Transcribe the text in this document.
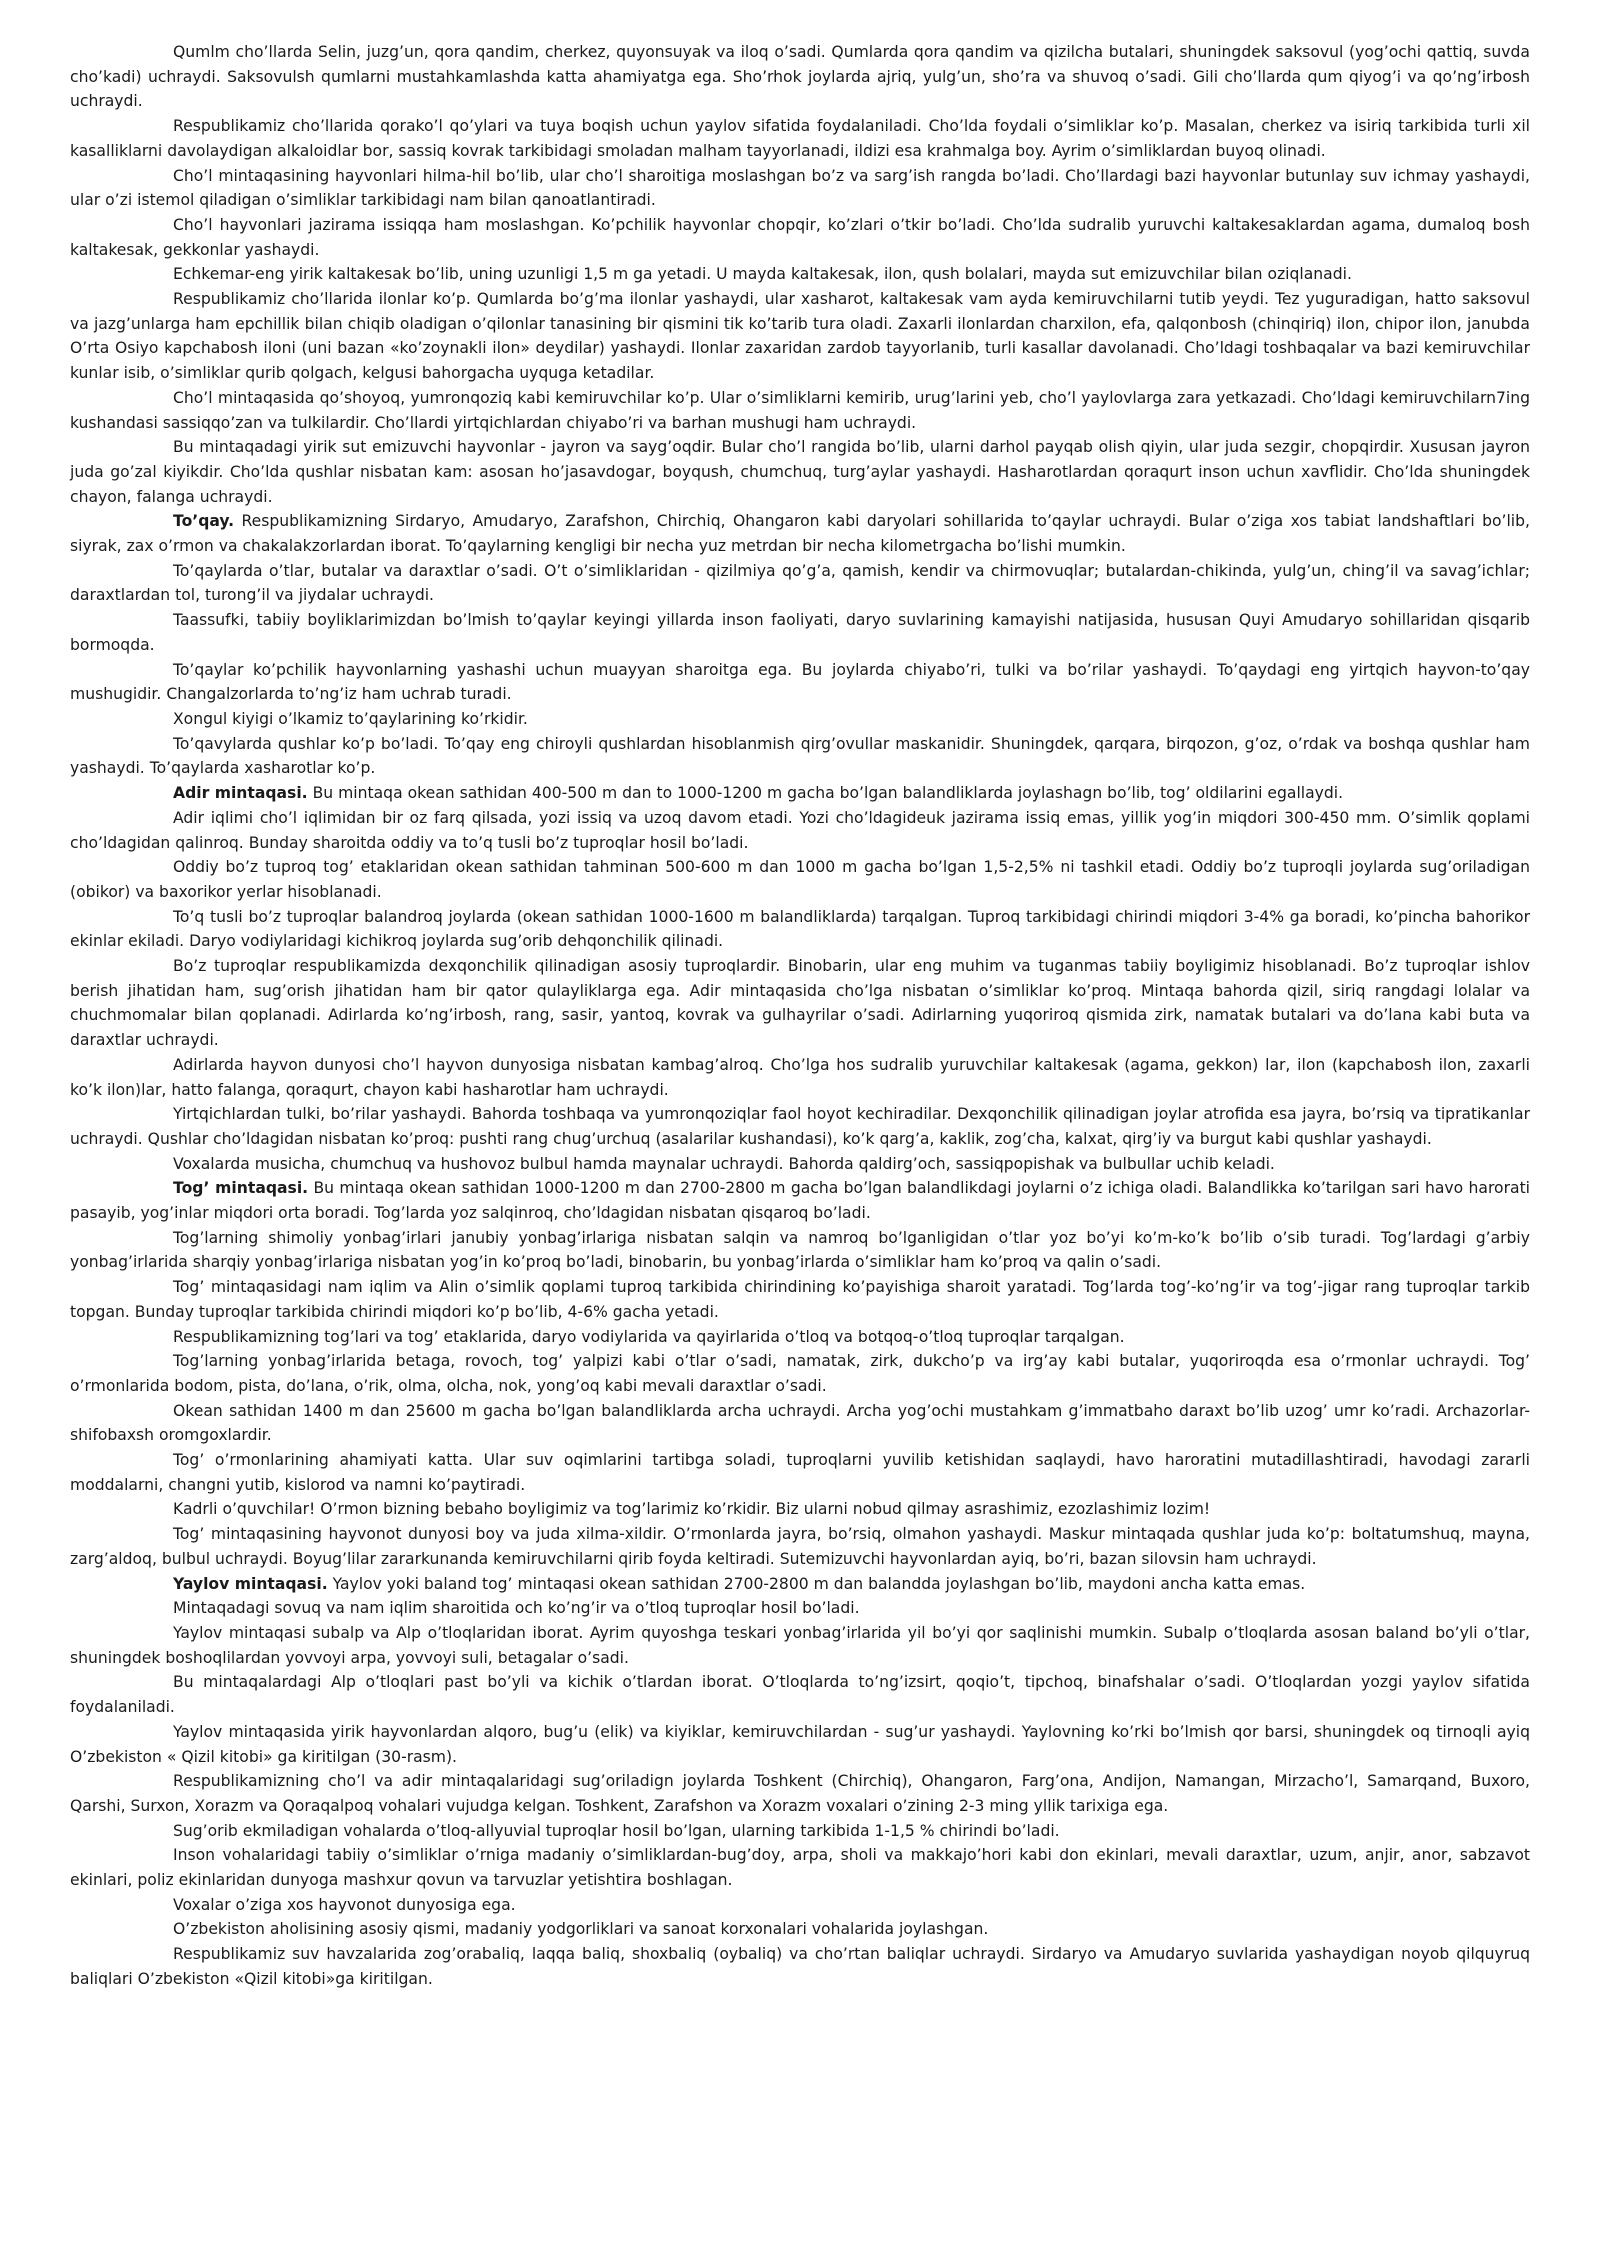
Qumlm cho’llarda Selin, juzg’un, qora qandim, cherkez, quyonsuyak va iloq o’sadi. Qumlarda qora qandim va qizilcha butalari, shuningdek saksovul (yog’ochi qattiq, suvda cho’kadi) uchraydi. Saksovulsh qumlarni mustahkamlashda katta ahamiyatga ega. Sho’rhok joylarda ajriq, yulg’un, sho’ra va shuvoq o’sadi. Gili cho’llarda qum qiyog’i va qo’ng’irbosh uchraydi.

Respublikamiz cho’llarida qorako’l qo’ylari va tuya boqish uchun yaylov sifatida foydalaniladi. Cho’lda foydali o’simliklar ko’p. Masalan, cherkez va isiriq tarkibida turli xil kasalliklarni davolaydigan alkaloidlar bor, sassiq kovrak tarkibidagi smoladan malham tayyorlanadi, ildizi esa krahmalga boy. Ayrim o’simliklardan buyoq olinadi.

Cho’l mintaqasining hayvonlari hilma-hil bo’lib, ular cho’l sharoitiga moslashgan bo’z va sarg’ish rangda bo’ladi. Cho’llardagi bazi hayvonlar butunlay suv ichmay yashaydi, ular o’zi istemol qiladigan o’simliklar tarkibidagi nam bilan qanoatlantiradi.

Cho’l hayvonlari jazirama issiqqa ham moslashgan. Ko’pchilik hayvonlar chopqir, ko’zlari o’tkir bo’ladi. Cho’lda sudralib yuruvchi kaltakesaklardan agama, dumaloq bosh kaltakesak, gekkonlar yashaydi.

Echkemar-eng yirik kaltakesak bo’lib, uning uzunligi 1,5 m ga yetadi. U mayda kaltakesak, ilon, qush bolalari, mayda sut emizuvchilar bilan oziqlanadi.

Respublikamiz cho’llarida ilonlar ko’p. Qumlarda bo’g’ma ilonlar yashaydi, ular xasharot, kaltakesak vam ayda kemiruvchilarni tutib yeydi. Tez yuguradigan, hatto saksovul va jazg’unlarga ham epchillik bilan chiqib oladigan o’qilonlar tanasining bir qismini tik ko’tarib tura oladi. Zaxarli ilonlardan charxilon, efa, qalqonbosh (chinqiriq) ilon, chipor ilon, janubda O’rta Osiyo kapchabosh iloni (uni bazan «ko’zoynakli ilon» deydilar) yashaydi. Ilonlar zaxaridan zardob tayyorlanib, turli kasallar davolanadi. Cho’ldagi toshbaqalar va bazi kemiruvchilar kunlar isib, o’simliklar qurib qolgach, kelgusi bahorgacha uyquga ketadilar.

Cho’l mintaqasida qo’shoyoq, yumronqoziq kabi kemiruvchilar ko’p. Ular o’simliklarni kemirib, urug’larini yeb, cho’l yaylovlarga zara yetkazadi. Cho’ldagi kemiruvchilarn7ing kushandasi sassiqqo’zan va tulkilardir. Cho’llardi yirtqichlardan chiyabo’ri va barhan mushugi ham uchraydi.

Bu mintaqadagi yirik sut emizuvchi hayvonlar - jayron va sayg’oqdir. Bular cho’l rangida bo’lib, ularni darhol payqab olish qiyin, ular juda sezgir, chopqirdir. Xususan jayron juda go’zal kiyikdir. Cho’lda qushlar nisbatan kam: asosan ho’jasavdogar, boyqush, chumchuq, turg’aylar yashaydi. Hasharotlardan qoraqurt inson uchun xavflidir. Cho’lda shuningdek chayon, falanga uchraydi.

To’qay. Respublikamizning Sirdaryo, Amudaryo, Zarafshon, Chirchiq, Ohangaron kabi daryolari sohillarida to’qaylar uchraydi. Bular o’ziga xos tabiat landshaftlari bo’lib, siyrak, zax o’rmon va chakalakzorlardan iborat. To’qaylarning kengligi bir necha yuz metrdan bir necha kilometrgacha bo’lishi mumkin.

To’qaylarda o’tlar, butalar va daraxtlar o’sadi. O’t o’simliklaridan - qizilmiya qo’g’a, qamish, kendir va chirmovuqlar; butalardan-chikinda, yulg’un, ching’il va savag’ichlar; daraxtlardan tol, turong’il va jiydalar uchraydi.

Taassufki, tabiiy boyliklarimizdan bo’lmish to’qaylar keyingi yillarda inson faoliyati, daryo suvlarining kamayishi natijasida, hususan Quyi Amudaryo sohillaridan qisqarib bormoqda.

To’qaylar ko’pchilik hayvonlarning yashashi uchun muayyan sharoitga ega. Bu joylarda chiyabo’ri, tulki va bo’rilar yashaydi. To’qaydagi eng yirtqich hayvon-to’qay mushugidir. Changalzorlarda to’ng’iz ham uchrab turadi.

Xongul kiyigi o’lkamiz to’qaylarining ko’rkidir.

To’qavylarda qushlar ko’p bo’ladi. To’qay eng chiroyli qushlardan hisoblanmish qirg’ovullar maskanidir. Shuningdek, qarqara, birqozon, g’oz, o’rdak va boshqa qushlar ham yashaydi. To’qaylarda xasharotlar ko’p.

Adir mintaqasi. Bu mintaqa okean sathidan 400-500 m dan to 1000-1200 m gacha bo’lgan balandliklarda joylashagn bo’lib, tog’ oldilarini egallaydi.

Adir iqlimi cho’l iqlimidan bir oz farq qilsada, yozi issiq va uzoq davom etadi. Yozi cho’ldagideuk jazirama issiq emas, yillik yog’in miqdori 300-450 mm. O’simlik qoplami cho’ldagidan qalinroq. Bunday sharoitda oddiy va to’q tusli bo’z tuproqlar hosil bo’ladi.

Oddiy bo’z tuproq tog’ etaklaridan okean sathidan tahminan 500-600 m dan 1000 m gacha bo’lgan 1,5-2,5% ni tashkil etadi. Oddiy bo’z tuproqli joylarda sug’oriladigan (obikor) va baxorikor yerlar hisoblanadi.

To’q tusli bo’z tuproqlar balandroq joylarda (okean sathidan 1000-1600 m balandliklarda) tarqalgan. Tuproq tarkibidagi chirindi miqdori 3-4% ga boradi, ko’pincha bahorikor ekinlar ekiladi. Daryo vodiylaridagi kichikroq joylarda sug’orib dehqonchilik qilinadi.

Bo’z tuproqlar respublikamizda dexqonchilik qilinadigan asosiy tuproqlardir. Binobarin, ular eng muhim va tuganmas tabiiy boyligimiz hisoblanadi. Bo’z tuproqlar ishlov berish jihatidan ham, sug’orish jihatidan ham bir qator qulayliklarga ega. Adir mintaqasida cho’lga nisbatan o’simliklar ko’proq. Mintaqa bahorda qizil, siriq rangdagi lolalar va chuchmomalar bilan qoplanadi. Adirlarda ko’ng’irbosh, rang, sasir, yantoq, kovrak va gulhayrilar o’sadi. Adirlarning yuqoriroq qismida zirk, namatak butalari va do’lana kabi buta va daraxtlar uchraydi.

Adirlarda hayvon dunyosi cho’l hayvon dunyosiga nisbatan kambag’alroq. Cho’lga hos sudralib yuruvchilar kaltakesak (agama, gekkon) lar, ilon (kapchabosh ilon, zaxarli ko’k ilon)lar, hatto falanga, qoraqurt, chayon kabi hasharotlar ham uchraydi.

Yirtqichlardan tulki, bo’rilar yashaydi. Bahorda toshbaqa va yumronqoziqlar faol hoyot kechiradilar. Dexqonchilik qilinadigan joylar atrofida esa jayra, bo’rsiq va tipratikanlar uchraydi. Qushlar cho’ldagidan nisbatan ko’proq: pushti rang chug’urchuq (asalarilar kushandasi), ko’k qarg’a, kaklik, zog’cha, kalxat, qirg’iy va burgut kabi qushlar yashaydi.

Voxalarda musicha, chumchuq va hushovoz bulbul hamda maynalar uchraydi. Bahorda qaldirg’och, sassiqpopishak va bulbullar uchib keladi.

Tog’ mintaqasi. Bu mintaqa okean sathidan 1000-1200 m dan 2700-2800 m gacha bo’lgan balandlikdagi joylarni o’z ichiga oladi. Balandlikka ko’tarilgan sari havo harorati pasayib, yog’inlar miqdori orta boradi. Tog’larda yoz salqinroq, cho’ldagidan nisbatan qisqaroq bo’ladi.

Tog’larning shimoliy yonbag’irlari janubiy yonbag’irlariga nisbatan salqin va namroq bo’lganligidan o’tlar yoz bo’yi ko’m-ko’k bo’lib o’sib turadi. Tog’lardagi g’arbiy yonbag’irlarida sharqiy yonbag’irlariga nisbatan yog’in ko’proq bo’ladi, binobarin, bu yonbag’irlarda o’simliklar ham ko’proq va qalin o’sadi.

Tog’ mintaqasidagi nam iqlim va Alin o’simlik qoplami tuproq tarkibida chirindining ko’payishiga sharoit yaratadi. Tog’larda tog’-ko’ng’ir va tog’-jigar rang tuproqlar tarkib topgan. Bunday tuproqlar tarkibida chirindi miqdori ko’p bo’lib, 4-6% gacha yetadi.

Respublikamizning tog’lari va tog’ etaklarida, daryo vodiylarida va qayirlarida o’tloq va botqoq-o’tloq tuproqlar tarqalgan.

Tog’larning yonbag’irlarida betaga, rovoch, tog’ yalpizi kabi o’tlar o’sadi, namatak, zirk, dukcho’p va irg’ay kabi butalar, yuqoriroqda esa o’rmonlar uchraydi. Tog’ o’rmonlarida bodom, pista, do’lana, o’rik, olma, olcha, nok, yong’oq kabi mevali daraxtlar o’sadi.

Okean sathidan 1400 m dan 25600 m gacha bo’lgan balandliklarda archa uchraydi. Archa yog’ochi mustahkam g’immatbaho daraxt bo’lib uzog’ umr ko’radi. Archazorlar-shifobaxsh oromgoxlardir.

Tog’ o’rmonlarining ahamiyati katta. Ular suv oqimlarini tartibga soladi, tuproqlarni yuvilib ketishidan saqlaydi, havo haroratini mutadillashtiradi, havodagi zararli moddalarni, changni yutib, kislorod va namni ko’paytiradi.

Kadrli o’quvchilar! O’rmon bizning bebaho boyligimiz va tog’larimiz ko’rkidir. Biz ularni nobud qilmay asrashimiz, ezozlashimiz lozim!

Tog’ mintaqasining hayvonot dunyosi boy va juda xilma-xildir. O’rmonlarda jayra, bo’rsiq, olmahon yashaydi. Maskur mintaqada qushlar juda ko’p: boltatumshuq, mayna, zarg’aldoq, bulbul uchraydi. Boyug’lilar zararkunanda kemiruvchilarni qirib foyda keltiradi. Sutemizuvchi hayvonlardan ayiq, bo’ri, bazan silovsin ham uchraydi.

Yaylov mintaqasi. Yaylov yoki baland tog’ mintaqasi okean sathidan 2700-2800 m dan balandda joylashgan bo’lib, maydoni ancha katta emas.

Mintaqadagi sovuq va nam iqlim sharoitida och ko’ng’ir va o’tloq tuproqlar hosil bo’ladi.

Yaylov mintaqasi subalp va Alp o’tloqlaridan iborat. Ayrim quyoshga teskari yonbag’irlarida yil bo’yi qor saqlinishi mumkin. Subalp o’tloqlarda asosan baland bo’yli o’tlar, shuningdek boshoqlilardan yovvoyi arpa, yovvoyi suli, betagalar o’sadi.

Bu mintaqalardagi Alp o’tloqlari past bo’yli va kichik o’tlardan iborat. O’tloqlarda to’ng’izsirt, qoqio’t, tipchoq, binafshalar o’sadi. O’tloqlardan yozgi yaylov sifatida foydalaniladi.

Yaylov mintaqasida yirik hayvonlardan alqoro, bug’u (elik) va kiyiklar, kemiruvchilardan - sug’ur yashaydi. Yaylovning ko’rki bo’lmish qor barsi, shuningdek oq tirnoqli ayiq O’zbekiston « Qizil kitobi» ga kiritilgan (30-rasm).

Respublikamizning cho’l va adir mintaqalaridagi sug’oriladign joylarda Toshkent (Chirchiq), Ohangaron, Farg’ona, Andijon, Namangan, Mirzacho’l, Samarqand, Buxoro, Qarshi, Surxon, Xorazm va Qoraqalpoq vohalari vujudga kelgan. Toshkent, Zarafshon va Xorazm voxalari o’zining 2-3 ming yllik tarixiga ega.

Sug’orib ekmiladigan vohalarda o’tloq-allyuvial tuproqlar hosil bo’lgan, ularning tarkibida 1-1,5 % chirindi bo’ladi.

Inson vohalaridagi tabiiy o’simliklar o’rniga madaniy o’simliklardan-bug’doy, arpa, sholi va makkajo’hori kabi don ekinlari, mevali daraxtlar, uzum, anjir, anor, sabzavot ekinlari, poliz ekinlaridan dunyoga mashxur qovun va tarvuzlar yetishtira boshlagan.

Voxalar o’ziga xos hayvonot dunyosiga ega.

O’zbekiston aholisining asosiy qismi, madaniy yodgorliklari va sanoat korxonalari vohalarida joylashgan.

Respublikamiz suv havzalarida zog’orabaliq, laqqa baliq, shoxbaliq (oybaliq) va cho’rtan baliqlar uchraydi. Sirdaryo va Amudaryo suvlarida yashaydigan noyob qilquyruq baliqlari O’zbekiston «Qizil kitobi»ga kiritilgan.
